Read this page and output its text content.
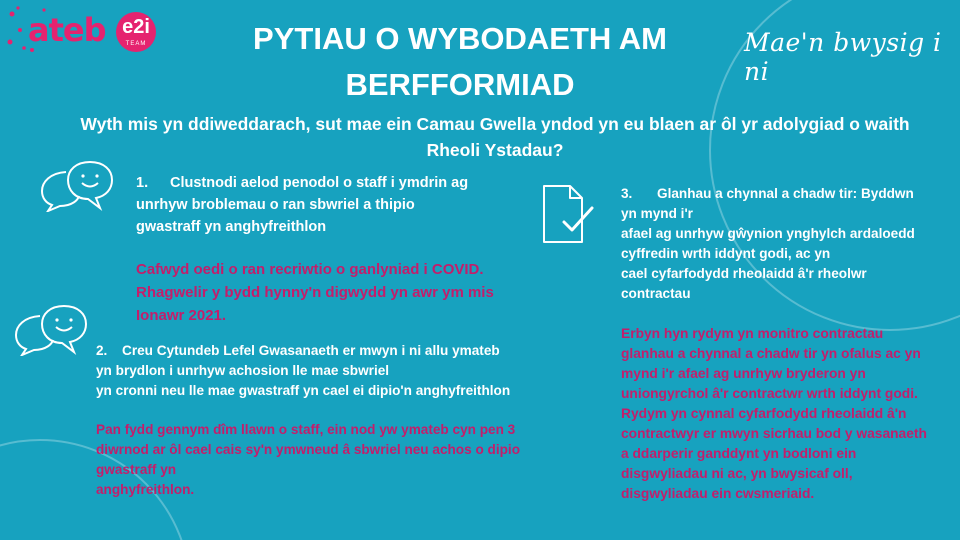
ateb e2i
TEAM	PYTIAU O WYBODAETH AM BERFFORMIAD

Mae'n bwysig i ni

Wyth mis yn ddiweddarach, sut mae ein Camau Gwella yndod yn eu blaen ar ôl yr adolygiad o waith Rheoli Ystadau?

1. Clustnodi aelod penodol o staff i ymdrin ag
unrhyw broblemau o ran sbwriel a thipio
gwastraff yn anghyfreithlon

Cafwyd oedi o ran recriwtio o ganlyniad i COVID.
Rhagwelir y bydd hynny'n digwydd yn awr ym mis
Ionawr 2021.

2. Creu Cytundeb Lefel Gwasanaeth er mwyn i ni allu ymateb
yn brydlon i unrhyw achosion lle mae sbwriel
yn cronni neu lle mae gwastraff yn cael ei dipio'n anghyfreithlon

Pan fydd gennym dîm llawn o staff, ein nod yw ymateb cyn pen 3
diwrnod ar ôl cael cais sy'n ymwneud â sbwriel neu achos o dipio
gwastraff yn
anghyfreithlon.

3. Glanhau a chynnal a chadw tir: Byddwn
yn mynd i'r
afael ag unrhyw gŵynion ynghylch ardaloedd
cyffredin wrth iddynt godi, ac yn
cael cyfarfodydd rheolaidd â'r rheolwr
contractau

Erbyn hyn rydym yn monitro contractau
glanhau a chynnal a chadw tir yn ofalus ac yn
mynd i'r afael ag unrhyw bryderon yn
uniongyrchol â'r contractwr wrth iddynt godi.
Rydym yn cynnal cyfarfodydd rheolaidd â'n
contractwyr er mwyn sicrhau bod y wasanaeth
a ddarperir ganddynt yn bodloni ein
disgwyliadau ni ac, yn bwysicaf oll,
disgwyliadau ein cwsmeriaid.
